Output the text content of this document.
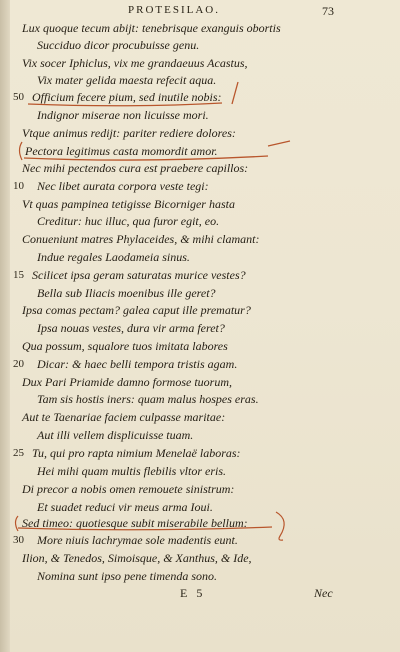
PROTESILAO.	73
Lux quoque tecum abijt: tenebrisque exanguis obortis
Succiduo dicor procubuisse genu.
Vix socer Iphiclus, vix me grandaeuus Acastus,
Vix mater gelida maesta refecit aqua.
Officium fecere pium, sed inutile nobis:
Indignor miserae non licuisse mori.
Vtque animus redijt: pariter rediere dolores:
Pectora legitimus casta momordit amor.
Nec mihi pectendos cura est praebere capillos:
Nec libet aurata corpora veste tegi:
Vt quas pampinea tetigisse Bicorniger hasta
Creditur: huc illuc, qua furor egit, eo.
Conueniunt matres Phylaceides, & mihi clamant:
Indue regales Laodameia sinus.
Scilicet ipsa geram saturatas murice vestes?
Bella sub Iliacis moenibus ille geret?
Ipsa comas pectam? galea caput ille prematur?
Ipsa nouas vestes, dura vir arma feret?
Qua possum, squalore tuos imitata labores
Dicar: & haec belli tempora tristis agam.
Dux Pari Priamide damno formose tuorum,
Tam sis hostis iners: quam malus hospes eras.
Aut te Taenariae faciem culpasse maritae:
Aut illi vellem displicuisse tuam.
Tu, qui pro rapta nimium Menelaë laboras:
Hei mihi quam multis flebilis vltor eris.
Di precor a nobis omen remouete sinistrum:
Et suadet reduci vir meus arma Ioui.
Sed timeo: quotiesque subit miserabile bellum:
More niuis lachrymae sole madentis eunt.
Ilion, & Tenedos, Simoisque, & Xanthus, & Ide,
Nomina sunt ipso pene timenda sono.
50
10
15
20
25
30
E 5	Nec
